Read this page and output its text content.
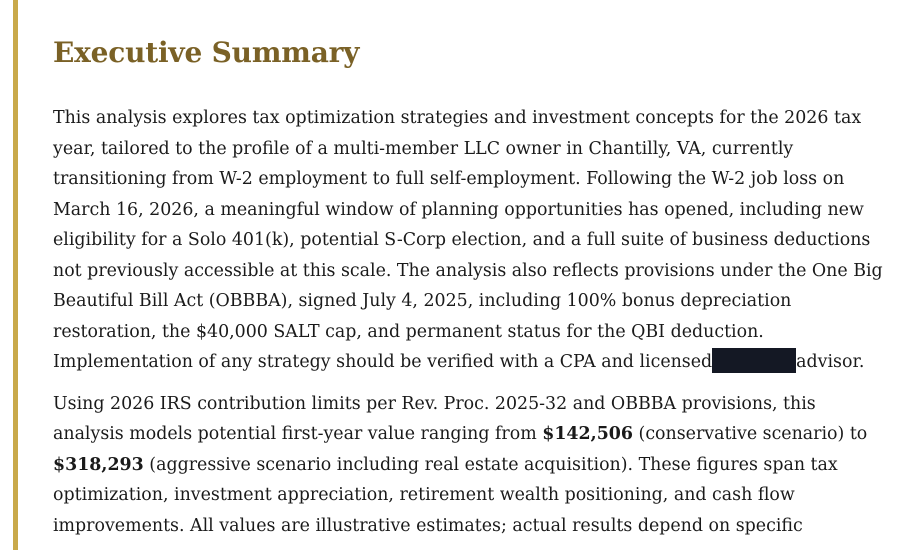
Executive Summary

This analysis explores tax optimization strategies and investment concepts for the 2026 tax
year, tailored to the profile of a multi-member LLC owner in Chantilly, VA, currently
transitioning from W-2 employment to full self-employment. Following the W-2 job loss on
March 16, 2026, a meaningful window of planning opportunities has opened, including new
eligibility for a Solo 401(k), potential S-Corp election, and a full suite of business deductions
not previously accessible at this scale. The analysis also reflects provisions under the One Big
Beautiful Bill Act (OBBBA), signed July 4, 2025, including 100% bonus depreciation
restoration, the $40,000 SALT cap, and permanent status for the QBI deduction.
Implementation of any strategy should be verified with a CPA and licensed	advisor.

Using 2026 IRS contribution limits per Rev. Proc. 2025-32 and OBBBA provisions, this
analysis models potential first-year value ranging from $142,506 (conservative scenario) to
$318,293 (aggressive scenario including real estate acquisition). These figures span tax
optimization, investment appreciation, retirement wealth positioning, and cash flow
improvements. All values are illustrative estimates; actual results depend on specific
